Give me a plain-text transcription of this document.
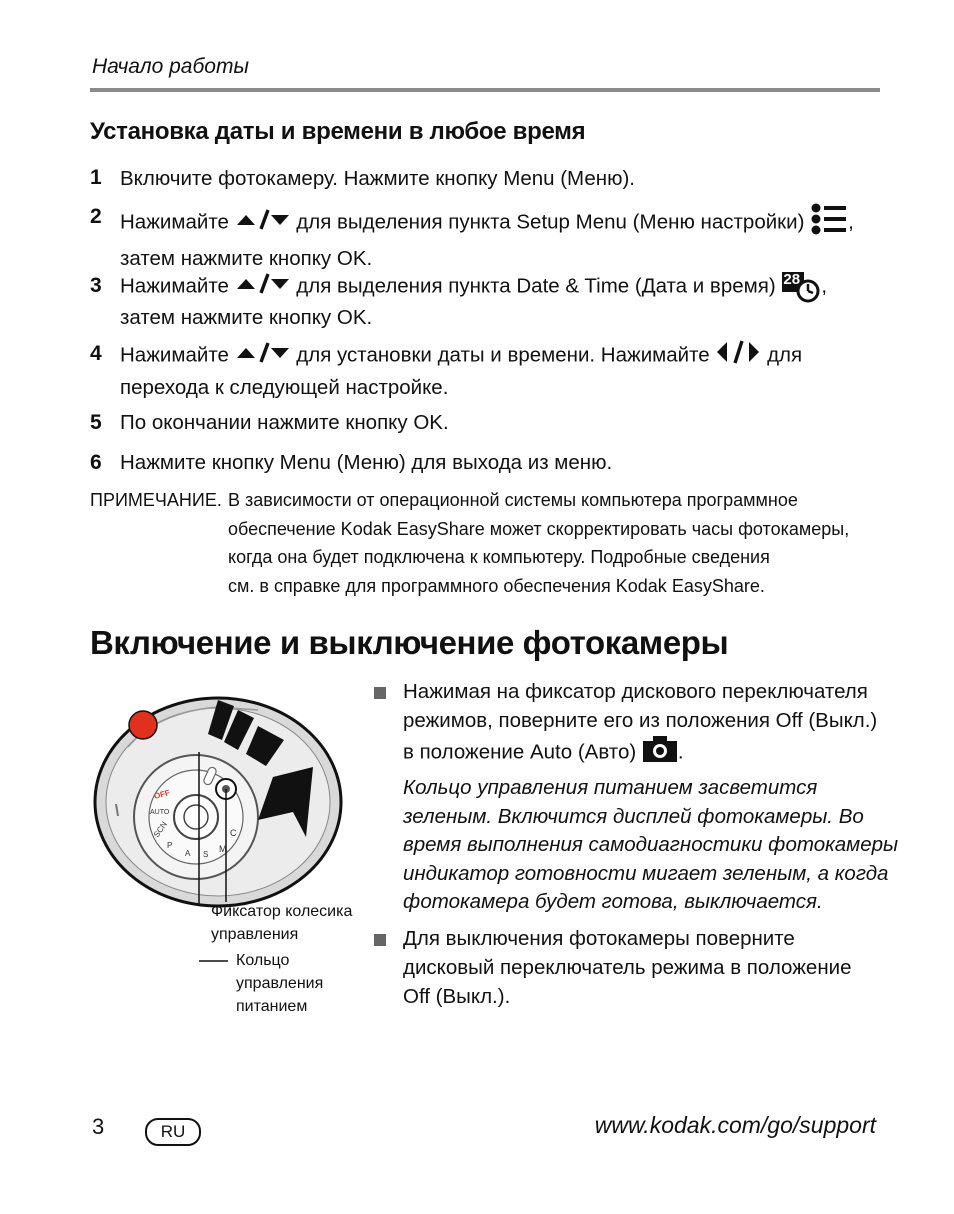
Начало работы
Установка даты и времени в любое время
1 Включите фотокамеру. Нажмите кнопку Menu (Меню).
2 Нажимайте	для выделения пункта Setup Menu (Меню настройки) ,
затем нажмите кнопку OK.
3 Нажимайте	для выделения пункта Date & Time (Дата и время) 28 ,
затем нажмите кнопку OK.
4 Нажимайте	для установки даты и времени. Нажимайте	для
перехода к следующей настройке.
5 По окончании нажмите кнопку OK.
6 Нажмите кнопку Menu (Меню) для выхода из меню.
ПРИМЕЧАНИЕ. В зависимости от операционной системы компьютера программное
обеспечение Kodak EasyShare может скорректировать часы фотокамеры,
когда она будет подключена к компьютеру. Подробные сведения
см. в справке для программного обеспечения Kodak EasyShare.
Включение и выключение фотокамеры
OFF
AUTO
SCN
P
A S
M
C
Фиксатор колесика
управления
Кольцо
управления
питанием
Нажимая на фиксатор дискового переключателя
режимов, поверните его из положения Off (Выкл.)
в положение Auto (Авто) .
Кольцо управления питанием засветится
зеленым. Включится дисплей фотокамеры. Во
время выполнения самодиагностики фотокамеры
индикатор готовности мигает зеленым, а когда
фотокамера будет готова, выключается.
Для выключения фотокамеры поверните
дисковый переключатель режима в положение
Off (Выкл.).
3	RU	www.kodak.com/go/support
